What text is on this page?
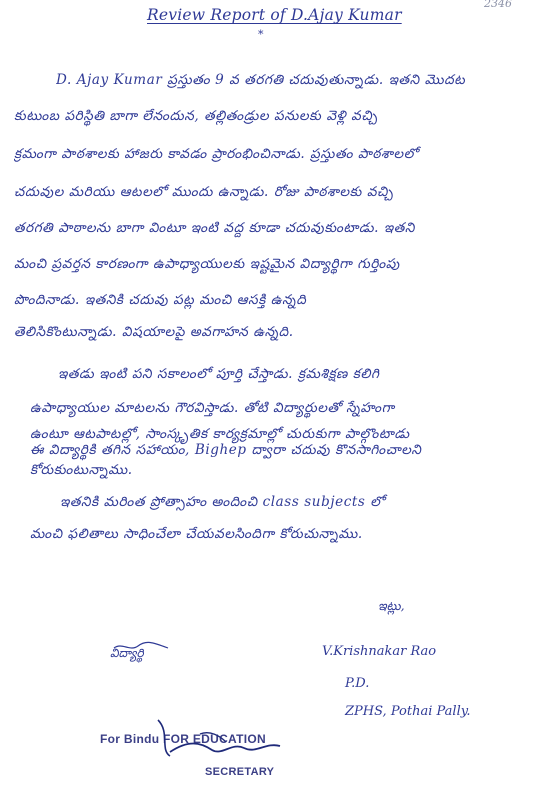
Review Report of D.Ajay Kumar
*
2346
D. Ajay Kumar ప్రస్తుతం 9 వ తరగతి చదువుతున్నాడు. ఇతని మొదట
కుటుంబ పరిస్థితి బాగా లేనందున, తల్లితండ్రుల పనులకు వెళ్లి వచ్చి
క్రమంగా పాఠశాలకు హాజరు కావడం ప్రారంభించినాడు. ప్రస్తుతం పాఠశాలలో
చదువుల మరియు ఆటలలో ముందు ఉన్నాడు. రోజు పాఠశాలకు వచ్చి
తరగతి పాఠాలను బాగా వింటూ ఇంటి వద్ద కూడా చదువుకుంటాడు. ఇతని
మంచి ప్రవర్తన కారణంగా ఉపాధ్యాయులకు ఇష్టమైన విద్యార్థిగా గుర్తింపు
పొందినాడు. ఇతనికి చదువు పట్ల మంచి ఆసక్తి ఉన్నది
తెలిసికొంటున్నాడు. విషయాలపై అవగాహన ఉన్నది.
ఇతడు ఇంటి పని సకాలంలో పూర్తి చేస్తాడు. క్రమశిక్షణ కలిగి
ఉపాధ్యాయుల మాటలను గౌరవిస్తాడు. తోటి విద్యార్థులతో స్నేహంగా
ఉంటూ ఆటపాటల్లో, సాంస్కృతిక కార్యక్రమాల్లో చురుకుగా పాల్గొంటాడు
ఈ విద్యార్థికి తగిన సహాయం, Bighep ద్వారా చదువు కొనసాగించాలని
కోరుకుంటున్నాము.
ఇతనికి మరింత ప్రోత్సాహం అందించి class subjects లో
మంచి ఫలితాలు సాధించేలా చేయవలసిందిగా కోరుచున్నాము.
ఇట్లు,
V.Krishnakar Rao
P.D.
ZPHS, Pothai Pally.
విద్యార్థి
For Bindu FOR EDUCATION
SECRETARY
